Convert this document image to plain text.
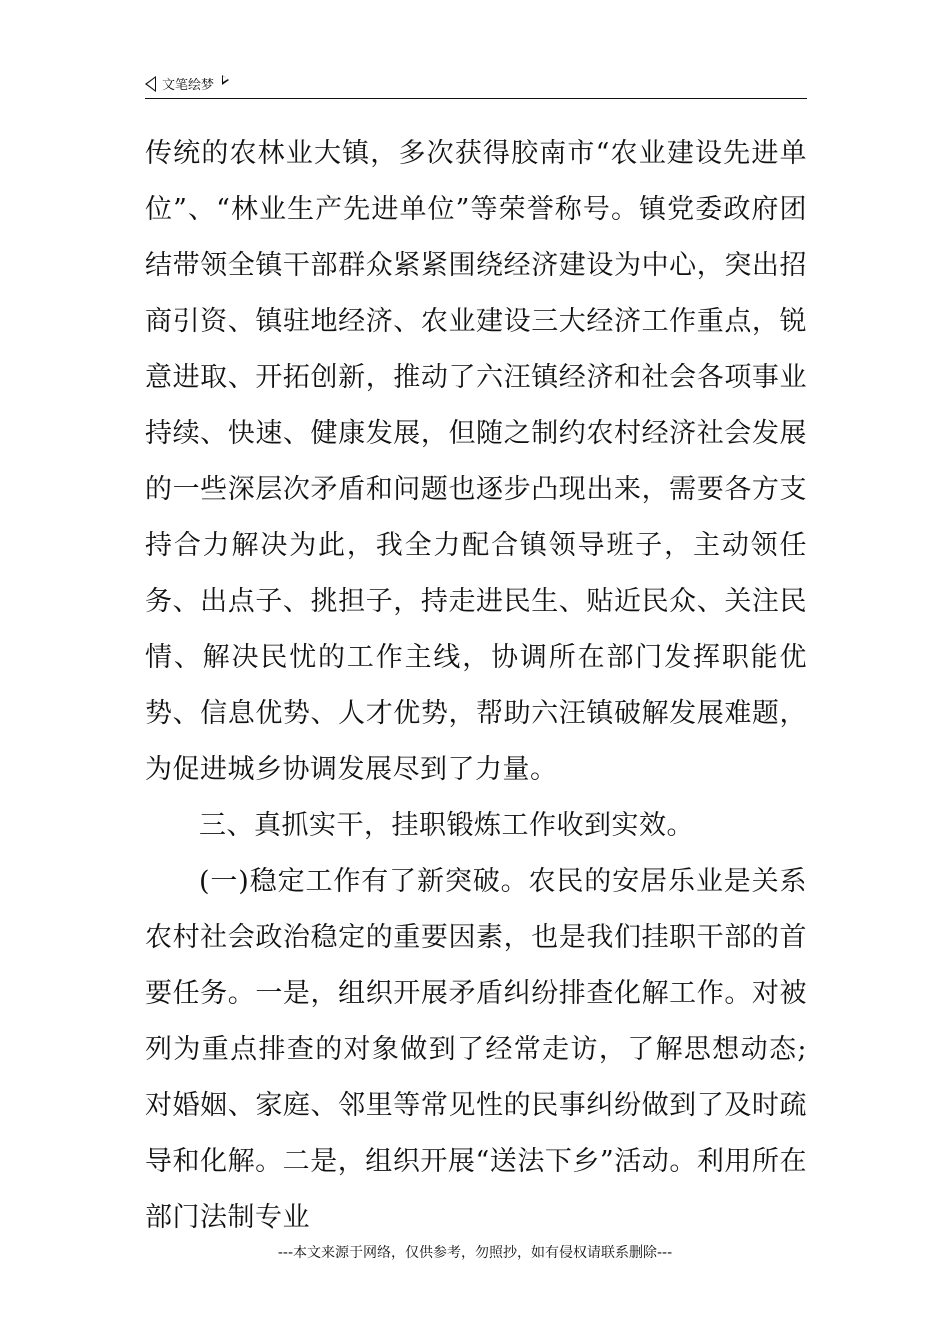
文笔绘梦

传统的农林业大镇，多次获得胶南市“农业建设先进单位”、“林业生产先进单位”等荣誉称号。镇党委政府团结带领全镇干部群众紧紧围绕经济建设为中心，突出招商引资、镇驻地经济、农业建设三大经济工作重点，锐意进取、开拓创新，推动了六汪镇经济和社会各项事业持续、快速、健康发展，但随之制约农村经济社会发展的一些深层次矛盾和问题也逐步凸现出来，需要各方支持合力解决为此，我全力配合镇领导班子，主动领任务、出点子、挑担子，持走进民生、贴近民众、关注民情、解决民忧的工作主线，协调所在部门发挥职能优势、信息优势、人才优势，帮助六汪镇破解发展难题，为促进城乡协调发展尽到了力量。

三、真抓实干，挂职锻炼工作收到实效。

(一)稳定工作有了新突破。农民的安居乐业是关系农村社会政治稳定的重要因素，也是我们挂职干部的首要任务。一是，组织开展矛盾纠纷排查化解工作。对被列为重点排查的对象做到了经常走访，了解思想动态;对婚姻、家庭、邻里等常见性的民事纠纷做到了及时疏导和化解。二是，组织开展“送法下乡”活动。利用所在部门法制专业

---本文来源于网络，仅供参考，勿照抄，如有侵权请联系删除---
